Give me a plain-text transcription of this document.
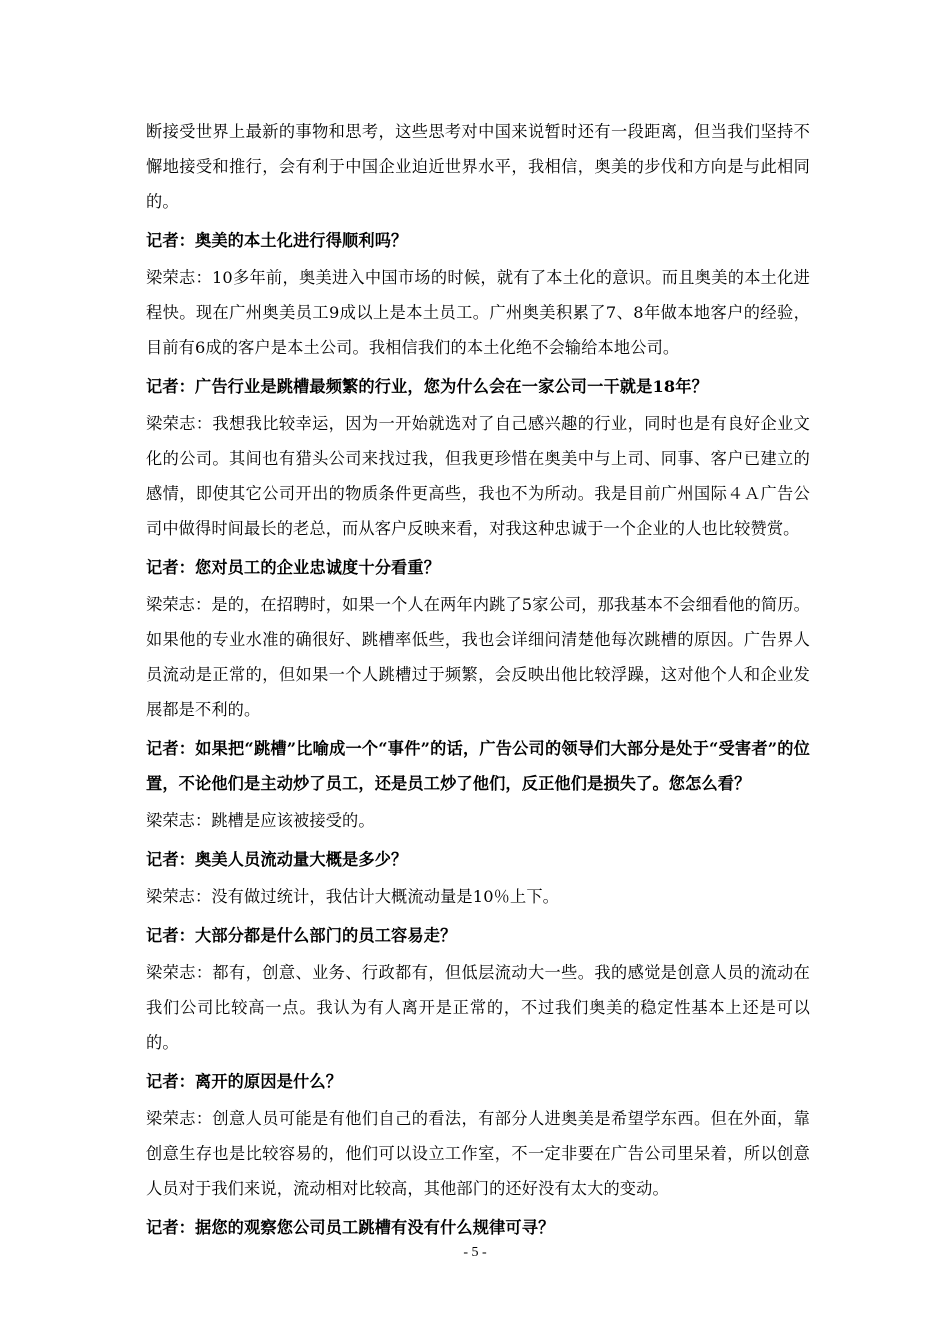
断接受世界上最新的事物和思考，这些思考对中国来说暂时还有一段距离，但当我们坚持不懈地接受和推行，会有利于中国企业迫近世界水平，我相信，奥美的步伐和方向是与此相同的。

记者：奥美的本土化进行得顺利吗？

梁荣志：10多年前，奥美进入中国市场的时候，就有了本土化的意识。而且奥美的本土化进程快。现在广州奥美员工9成以上是本土员工。广州奥美积累了7、8年做本地客户的经验，目前有6成的客户是本土公司。我相信我们的本土化绝不会输给本地公司。

记者：广告行业是跳槽最频繁的行业，您为什么会在一家公司一干就是18年？

梁荣志：我想我比较幸运，因为一开始就选对了自己感兴趣的行业，同时也是有良好企业文化的公司。其间也有猎头公司来找过我，但我更珍惜在奥美中与上司、同事、客户已建立的感情，即使其它公司开出的物质条件更高些，我也不为所动。我是目前广州国际４Ａ广告公司中做得时间最长的老总，而从客户反映来看，对我这种忠诚于一个企业的人也比较赞赏。

记者：您对员工的企业忠诚度十分看重？

梁荣志：是的，在招聘时，如果一个人在两年内跳了5家公司，那我基本不会细看他的简历。如果他的专业水准的确很好、跳槽率低些，我也会详细问清楚他每次跳槽的原因。广告界人员流动是正常的，但如果一个人跳槽过于频繁，会反映出他比较浮躁，这对他个人和企业发展都是不利的。

记者：如果把“跳槽”比喻成一个“事件”的话，广告公司的领导们大部分是处于“受害者”的位置，不论他们是主动炒了员工，还是员工炒了他们，反正他们是损失了。您怎么看？

梁荣志：跳槽是应该被接受的。

记者：奥美人员流动量大概是多少？

梁荣志：没有做过统计，我估计大概流动量是10％上下。

记者：大部分都是什么部门的员工容易走？

梁荣志：都有，创意、业务、行政都有，但低层流动大一些。我的感觉是创意人员的流动在我们公司比较高一点。我认为有人离开是正常的，不过我们奥美的稳定性基本上还是可以的。

记者：离开的原因是什么？

梁荣志：创意人员可能是有他们自己的看法，有部分人进奥美是希望学东西。但在外面，靠创意生存也是比较容易的，他们可以设立工作室，不一定非要在广告公司里呆着，所以创意人员对于我们来说，流动相对比较高，其他部门的还好没有太大的变动。

记者：据您的观察您公司员工跳槽有没有什么规律可寻？

- 5 -
